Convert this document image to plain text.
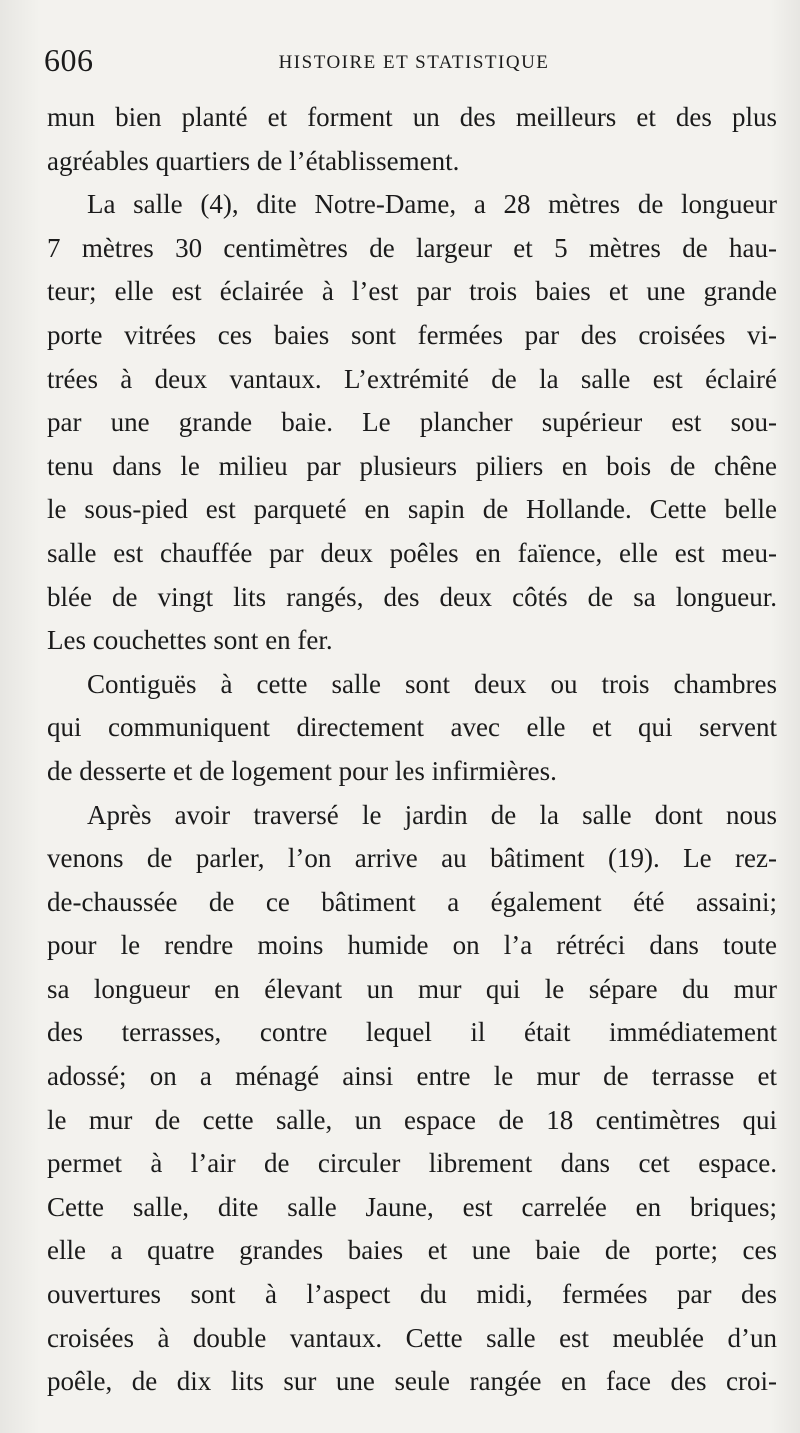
606	HISTOIRE ET STATISTIQUE
mun bien planté et forment un des meilleurs et des plus
agréables quartiers de l’établissement.
La salle (4), dite Notre-Dame, a 28 mètres de longueur
7 mètres 30 centimètres de largeur et 5 mètres de hau-
teur; elle est éclairée à l’est par trois baies et une grande
porte vitrées ces baies sont fermées par des croisées vi-
trées à deux vantaux. L’extrémité de la salle est éclairé
par une grande baie. Le plancher supérieur est sou-
tenu dans le milieu par plusieurs piliers en bois de chêne
le sous-pied est parqueté en sapin de Hollande. Cette belle
salle est chauffée par deux poêles en faïence, elle est meu-
blée de vingt lits rangés, des deux côtés de sa longueur.
Les couchettes sont en fer.
Contiguës à cette salle sont deux ou trois chambres
qui communiquent directement avec elle et qui servent
de desserte et de logement pour les infirmières.
Après avoir traversé le jardin de la salle dont nous
venons de parler, l’on arrive au bâtiment (19). Le rez-
de-chaussée de ce bâtiment a également été assaini;
pour le rendre moins humide on l’a rétréci dans toute
sa longueur en élevant un mur qui le sépare du mur
des terrasses, contre lequel il était immédiatement
adossé; on a ménagé ainsi entre le mur de terrasse et
le mur de cette salle, un espace de 18 centimètres qui
permet à l’air de circuler librement dans cet espace.
Cette salle, dite salle Jaune, est carrelée en briques;
elle a quatre grandes baies et une baie de porte; ces
ouvertures sont à l’aspect du midi, fermées par des
croisées à double vantaux. Cette salle est meublée d’un
poêle, de dix lits sur une seule rangée en face des croi-
